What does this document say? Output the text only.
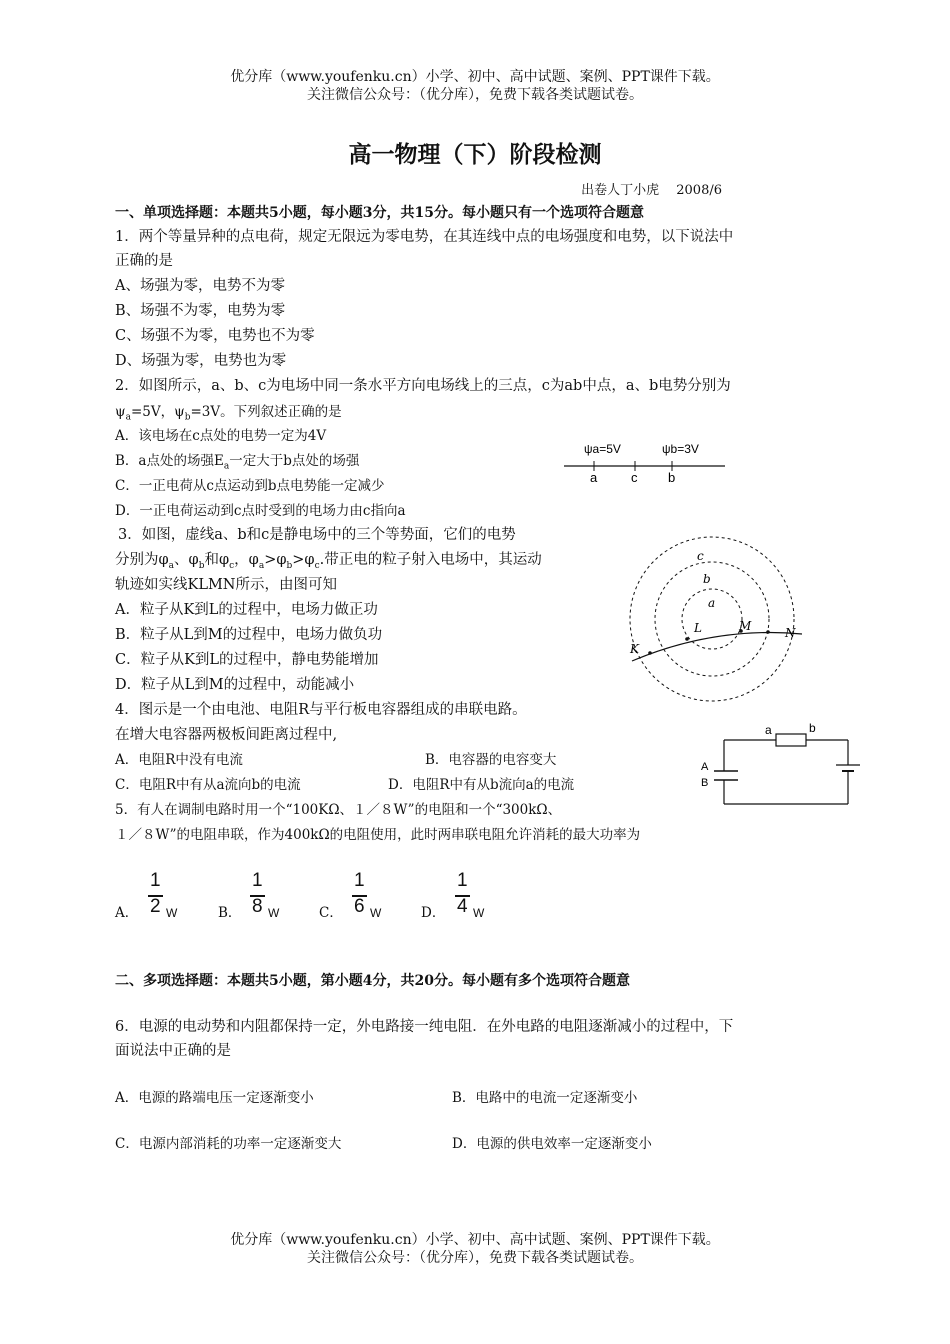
优分库（www.youfenku.cn）小学、初中、高中试题、案例、PPT课件下载。
关注微信公众号：（优分库），免费下载各类试题试卷。
高一物理（下）阶段检测
出卷人丁小虎　 2008/6
一、单项选择题：本题共5小题，每小题3分，共15分。每小题只有一个选项符合题意
1．两个等量异种的点电荷，规定无限远为零电势，在其连线中点的电场强度和电势，以下说法中
正确的是
A、场强为零，电势不为零
B、场强不为零，电势为零
C、场强不为零，电势也不为零
D、场强为零，电势也为零
2．如图所示，a、b、c为电场中同一条水平方向电场线上的三点，c为ab中点，a、b电势分别为
$\psi_a=5V$，$\psi_b=3V$。下列叙述正确的是
A．该电场在c点处的电势一定为4V
B．a点处的场强$E_a$一定大于b点处的场强
C．一正电荷从c点运动到b点电势能一定减少
D．一正电荷运动到c点时受到的电场力由c指向a
ψa=5V	ψb=3V
a	c b
3．如图，虚线a、b和c是静电场中的三个等势面，它们的电势
分别为$\varphi_a$、$\varphi_b$和$\varphi_c$，$\varphi_a>\varphi_b>\varphi_c$.带正电的粒子射入电场中，其运动
轨迹如实线KLMN所示，由图可知
A．粒子从K到L的过程中，电场力做正功
B．粒子从L到M的过程中，电场力做负功
C．粒子从K到L的过程中，静电势能增加
D．粒子从L到M的过程中，动能减小
c
b
a
L	M	N
K
4．图示是一个由电池、电阻R与平行板电容器组成的串联电路。
在增大电容器两极板间距离过程中,
A．电阻R中没有电流	B．电容器的电容变大
C．电阻R中有从a流向b的电流	D．电阻R中有从b流向a的电流
a	b
A
B
5．有人在调制电路时用一个“100KΩ、１／８W”的电阻和一个“300kΩ、
１／８W”的电阻串联，作为400kΩ的电阻使用，此时两串联电阻允许消耗的最大功率为
A．
1
2 W	B．
1
8 W	C．
1
6 W	D．
1
4 W
二、多项选择题：本题共5小题，第小题4分，共20分。每小题有多个选项符合题意
6．电源的电动势和内阻都保持一定，外电路接一纯电阻．在外电路的电阻逐渐减小的过程中，下
面说法中正确的是
A．电源的路端电压一定逐渐变小	B．电路中的电流一定逐渐变小
C．电源内部消耗的功率一定逐渐变大	D．电源的供电效率一定逐渐变小
优分库（www.youfenku.cn）小学、初中、高中试题、案例、PPT课件下载。
关注微信公众号：（优分库），免费下载各类试题试卷。
